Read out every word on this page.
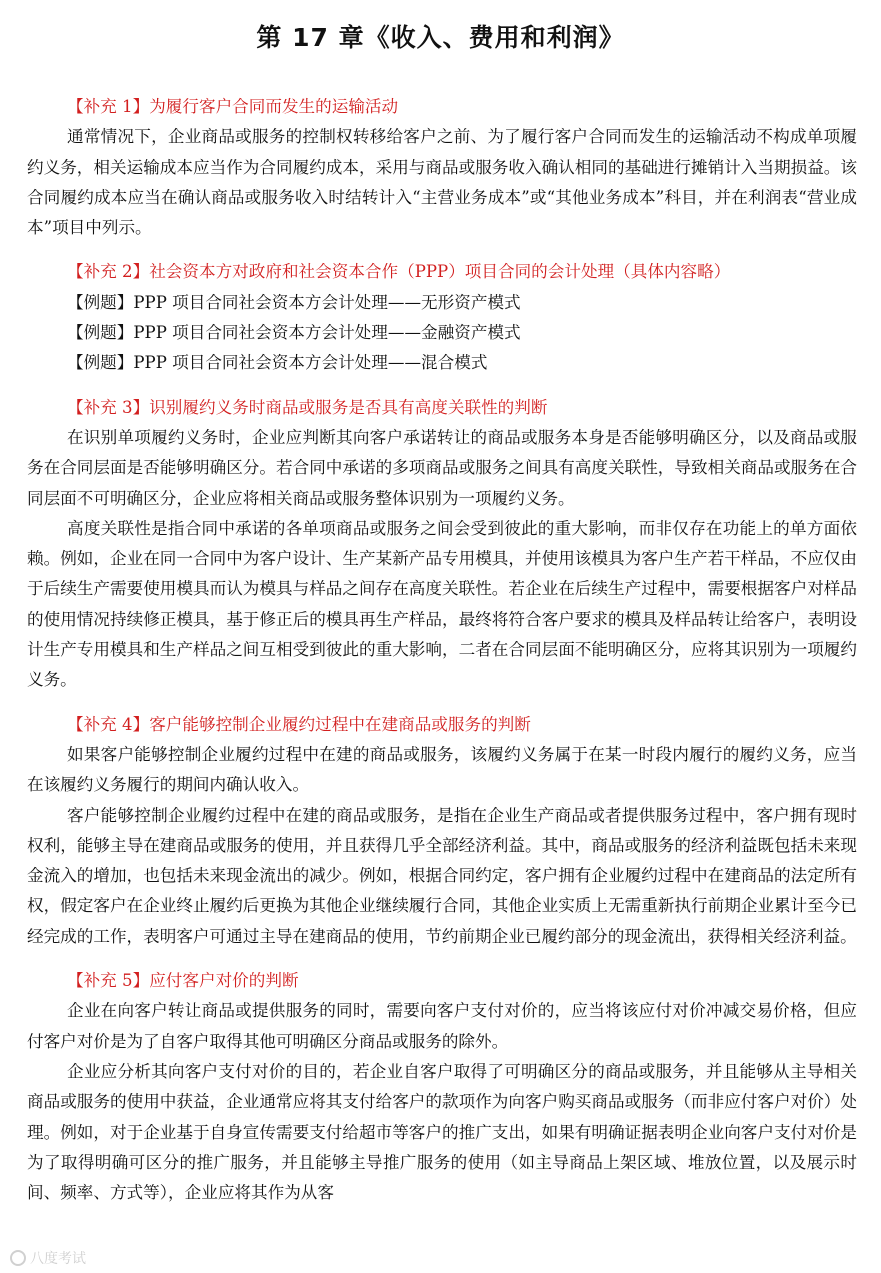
第 17 章《收入、费用和利润》
【补充 1】为履行客户合同而发生的运输活动

通常情况下，企业商品或服务的控制权转移给客户之前、为了履行客户合同而发生的运输活动不构成单项履约义务，相关运输成本应当作为合同履约成本，采用与商品或服务收入确认相同的基础进行摊销计入当期损益。该合同履约成本应当在确认商品或服务收入时结转计入“主营业务成本”或“其他业务成本”科目，并在利润表“营业成本”项目中列示。

【补充 2】社会资本方对政府和社会资本合作（PPP）项目合同的会计处理（具体内容略）
【例题】PPP 项目合同社会资本方会计处理——无形资产模式
【例题】PPP 项目合同社会资本方会计处理——金融资产模式
【例题】PPP 项目合同社会资本方会计处理——混合模式
【补充 3】识别履约义务时商品或服务是否具有高度关联性的判断

在识别单项履约义务时，企业应判断其向客户承诺转让的商品或服务本身是否能够明确区分，以及商品或服务在合同层面是否能够明确区分。若合同中承诺的多项商品或服务之间具有高度关联性，导致相关商品或服务在合同层面不可明确区分，企业应将相关商品或服务整体识别为一项履约义务。

高度关联性是指合同中承诺的各单项商品或服务之间会受到彼此的重大影响，而非仅存在功能上的单方面依赖。例如，企业在同一合同中为客户设计、生产某新产品专用模具，并使用该模具为客户生产若干样品，不应仅由于后续生产需要使用模具而认为模具与样品之间存在高度关联性。若企业在后续生产过程中，需要根据客户对样品的使用情况持续修正模具，基于修正后的模具再生产样品，最终将符合客户要求的模具及样品转让给客户，表明设计生产专用模具和生产样品之间互相受到彼此的重大影响，二者在合同层面不能明确区分，应将其识别为一项履约义务。

【补充 4】客户能够控制企业履约过程中在建商品或服务的判断

如果客户能够控制企业履约过程中在建的商品或服务，该履约义务属于在某一时段内履行的履约义务，应当在该履约义务履行的期间内确认收入。

客户能够控制企业履约过程中在建的商品或服务，是指在企业生产商品或者提供服务过程中，客户拥有现时权利，能够主导在建商品或服务的使用，并且获得几乎全部经济利益。其中，商品或服务的经济利益既包括未来现金流入的增加，也包括未来现金流出的减少。例如，根据合同约定，客户拥有企业履约过程中在建商品的法定所有权，假定客户在企业终止履约后更换为其他企业继续履行合同，其他企业实质上无需重新执行前期企业累计至今已经完成的工作，表明客户可通过主导在建商品的使用，节约前期企业已履约部分的现金流出，获得相关经济利益。

【补充 5】应付客户对价的判断

企业在向客户转让商品或提供服务的同时，需要向客户支付对价的，应当将该应付对价冲减交易价格，但应付客户对价是为了自客户取得其他可明确区分商品或服务的除外。

企业应分析其向客户支付对价的目的，若企业自客户取得了可明确区分的商品或服务，并且能够从主导相关商品或服务的使用中获益，企业通常应将其支付给客户的款项作为向客户购买商品或服务（而非应付客户对价）处理。例如，对于企业基于自身宣传需要支付给超市等客户的推广支出，如果有明确证据表明企业向客户支付对价是为了取得明确可区分的推广服务，并且能够主导推广服务的使用（如主导商品上架区域、堆放位置，以及展示时间、频率、方式等），企业应将其作为从客

八度考试
